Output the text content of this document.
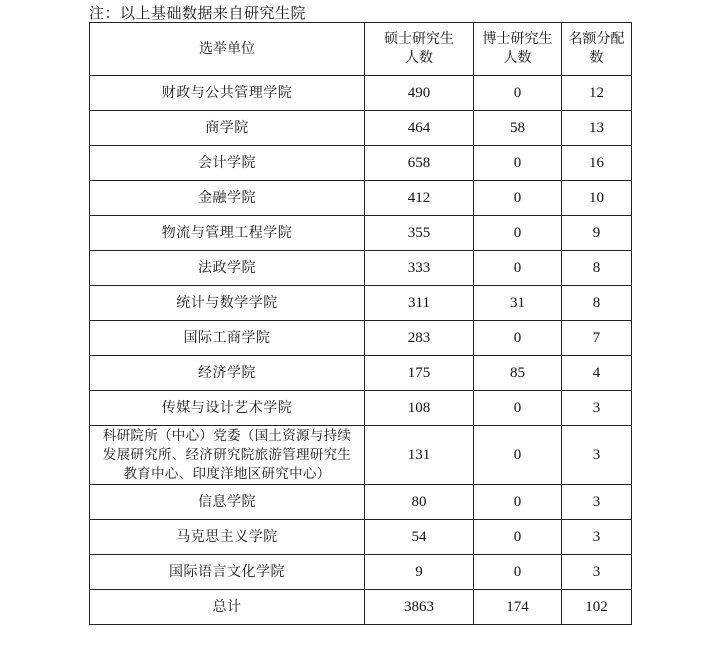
注：以上基础数据来自研究生院
选举单位	硕士研究生人数	博士研究生人数	名额分配数
财政与公共管理学院	490	0	12
商学院	464	58	13
会计学院	658	0	16
金融学院	412	0	10
物流与管理工程学院	355	0	9
法政学院	333	0	8
统计与数学学院	311	31	8
国际工商学院	283	0	7
经济学院	175	85	4
传媒与设计艺术学院	108	0	3
科研院所（中心）党委（国土资源与持续发展研究所、经济研究院旅游管理研究生教育中心、印度洋地区研究中心）	131	0	3
信息学院	80	0	3
马克思主义学院	54	0	3
国际语言文化学院	9	0	3
总计	3863	174	102
